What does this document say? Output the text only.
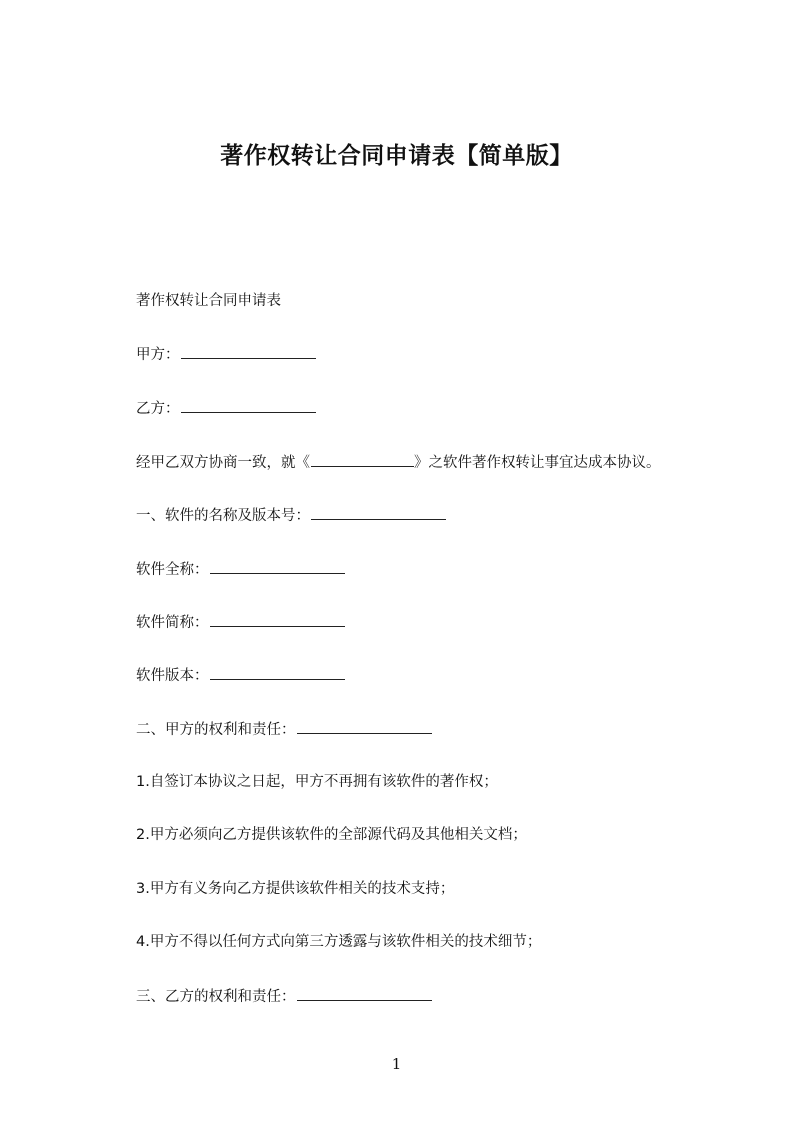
著作权转让合同申请表【简单版】

著作权转让合同申请表

甲方：

乙方：

经甲乙双方协商一致，就《	》之软件著作权转让事宜达成本协议。

一、软件的名称及版本号：

软件全称：

软件简称：

软件版本：

二、甲方的权利和责任：

1.自签订本协议之日起，甲方不再拥有该软件的著作权；

2.甲方必须向乙方提供该软件的全部源代码及其他相关文档；

3.甲方有义务向乙方提供该软件相关的技术支持；

4.甲方不得以任何方式向第三方透露与该软件相关的技术细节；

三、乙方的权利和责任：

1
